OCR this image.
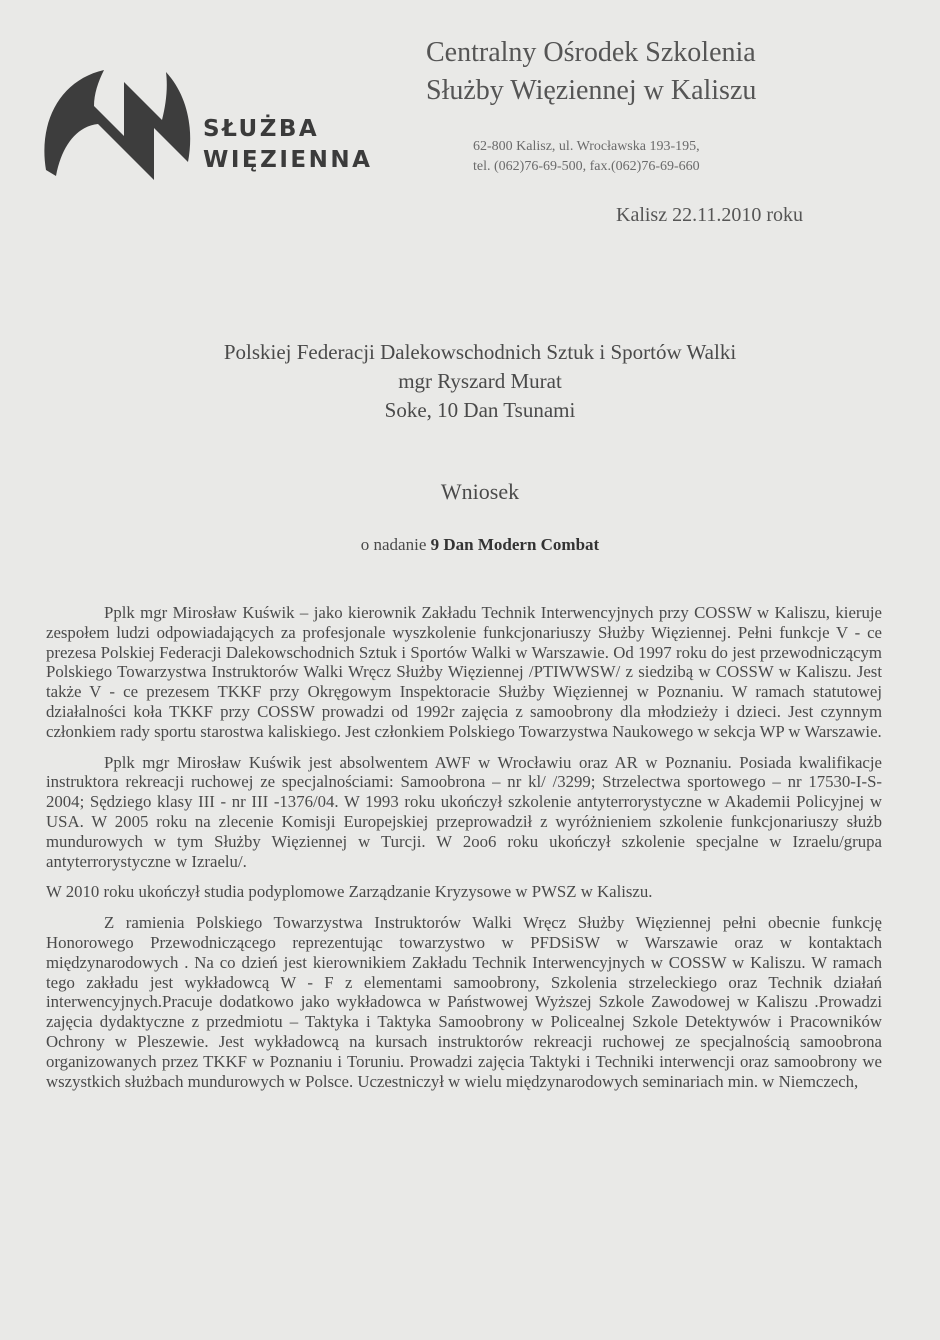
SŁUŻBA
WIĘZIENNA
Centralny Ośrodek Szkolenia
Służby Więziennej w Kaliszu
62-800 Kalisz, ul. Wrocławska 193-195,
tel. (062)76-69-500, fax.(062)76-69-660
Kalisz 22.11.2010 roku
Polskiej Federacji Dalekowschodnich Sztuk i Sportów Walki
mgr Ryszard Murat
Soke, 10 Dan Tsunami
Wniosek
o nadanie 9 Dan Modern Combat

Pplk mgr Mirosław Kuświk – jako kierownik Zakładu Technik Interwencyjnych przy COSSW w Kaliszu, kieruje zespołem ludzi odpowiadających za profesjonale wyszkolenie funkcjonariuszy Służby Więziennej. Pełni funkcje V - ce prezesa Polskiej Federacji Dalekowschodnich Sztuk i Sportów Walki w Warszawie. Od 1997 roku do jest przewodniczącym Polskiego Towarzystwa Instruktorów Walki Wręcz Służby Więziennej /PTIWWSW/ z siedzibą w COSSW w Kaliszu. Jest także V - ce prezesem TKKF przy Okręgowym Inspektoracie Służby Więziennej w Poznaniu. W ramach statutowej działalności koła TKKF przy COSSW prowadzi od 1992r zajęcia z samoobrony dla młodzieży i dzieci. Jest czynnym członkiem rady sportu starostwa kaliskiego. Jest członkiem Polskiego Towarzystwa Naukowego w sekcja WP w Warszawie.

Pplk mgr Mirosław Kuświk jest absolwentem AWF w Wrocławiu oraz AR w Poznaniu. Posiada kwalifikacje instruktora rekreacji ruchowej ze specjalnościami: Samoobrona – nr kl/ /3299; Strzelectwa sportowego – nr 17530-I-S-2004; Sędziego klasy III - nr III -1376/04. W 1993 roku ukończył szkolenie antyterrorystyczne w Akademii Policyjnej w USA. W 2005 roku na zlecenie Komisji Europejskiej przeprowadził z wyróżnieniem szkolenie funkcjonariuszy służb mundurowych w tym Służby Więziennej w Turcji. W 2oo6 roku ukończył szkolenie specjalne w Izraelu/grupa antyterrorystyczne w Izraelu/.

W 2010 roku ukończył studia podyplomowe Zarządzanie Kryzysowe w PWSZ w Kaliszu.

Z ramienia Polskiego Towarzystwa Instruktorów Walki Wręcz Służby Więziennej pełni obecnie funkcję Honorowego Przewodniczącego reprezentując towarzystwo w PFDSiSW w Warszawie oraz w kontaktach międzynarodowych . Na co dzień jest kierownikiem Zakładu Technik Interwencyjnych w COSSW w Kaliszu. W ramach tego zakładu jest wykładowcą W - F z elementami samoobrony, Szkolenia strzeleckiego oraz Technik działań interwencyjnych.Pracuje dodatkowo jako wykładowca w Państwowej Wyższej Szkole Zawodowej w Kaliszu .Prowadzi zajęcia dydaktyczne z przedmiotu – Taktyka i Taktyka Samoobrony w Policealnej Szkole Detektywów i Pracowników Ochrony w Pleszewie. Jest wykładowcą na kursach instruktorów rekreacji ruchowej ze specjalnością samoobrona organizowanych przez TKKF w Poznaniu i Toruniu. Prowadzi zajęcia Taktyki i Techniki interwencji oraz samoobrony we wszystkich służbach mundurowych w Polsce. Uczestniczył w wielu międzynarodowych seminariach min. w Niemczech,
